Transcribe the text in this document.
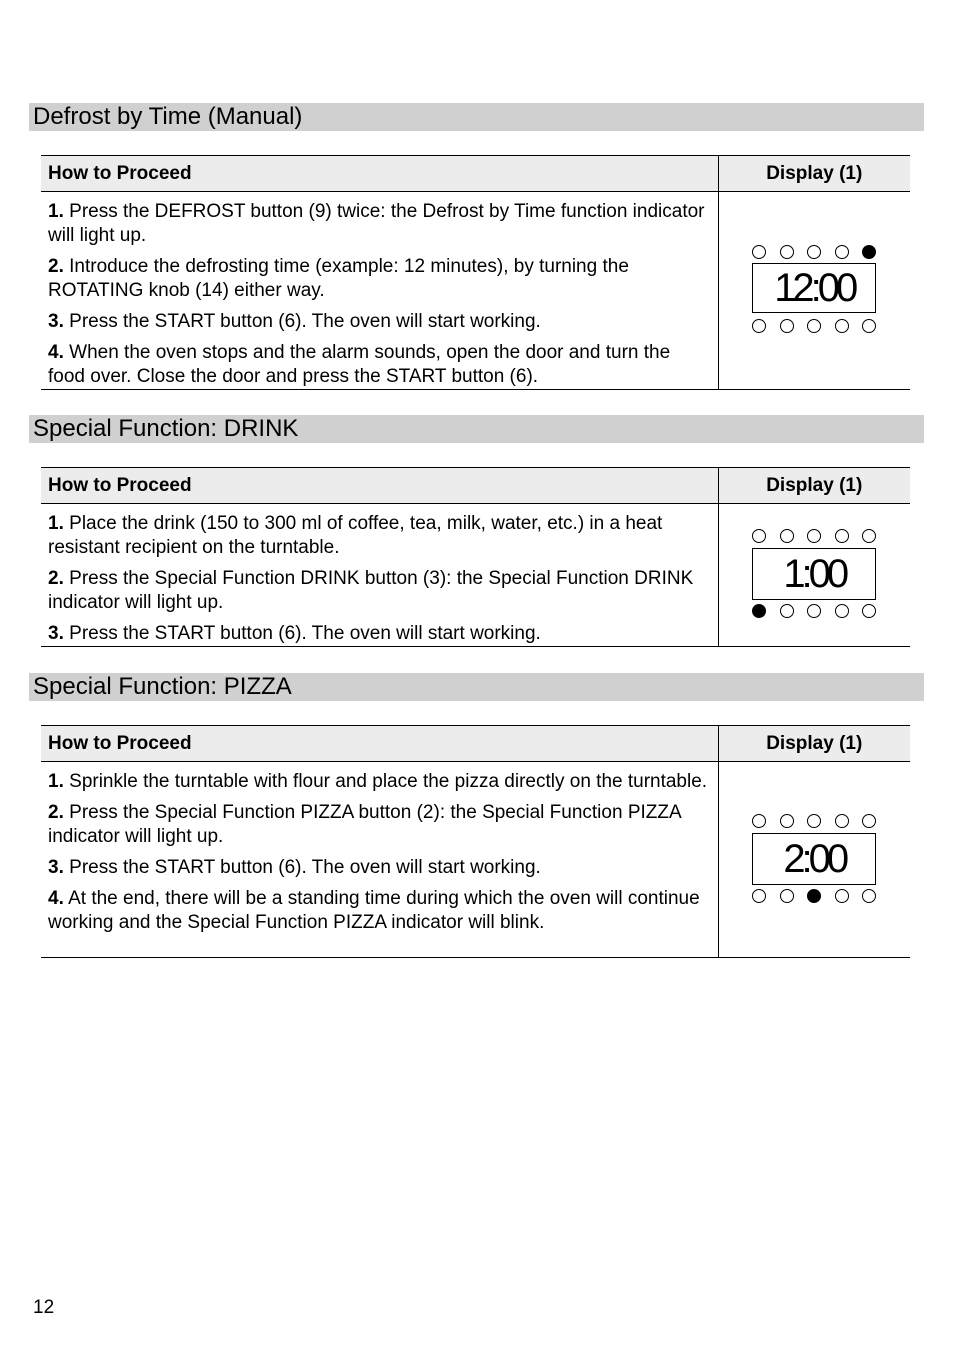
Defrost by Time (Manual)
How to Proceed	Display (1)

1. Press the DEFROST button (9) twice: the Defrost by Time function indicator will light up.
2. Introduce the defrosting time (example: 12 minutes), by turning the ROTATING knob (14) either way.
3. Press the START button (6). The oven will start working.
4. When the oven stops and the alarm sounds, open the door and turn the food over. Close the door and press the START button (6).	12:00
Special Function: DRINK
How to Proceed	Display (1)

1. Place the drink (150 to 300 ml of coffee, tea, milk, water, etc.) in a heat resistant recipient on the turntable.
2. Press the Special Function DRINK button (3): the Special Function DRINK indicator will light up.
3. Press the START button (6). The oven will start working.	1:00
Special Function: PIZZA
How to Proceed	Display (1)

1. Sprinkle the turntable with flour and place the pizza directly on the turntable.
2. Press the Special Function PIZZA button (2): the Special Function PIZZA indicator will light up.
3. Press the START button (6). The oven will start working.
4. At the end, there will be a standing time during which the oven will continue working and the Special Function PIZZA indicator will blink.	2:00
12
